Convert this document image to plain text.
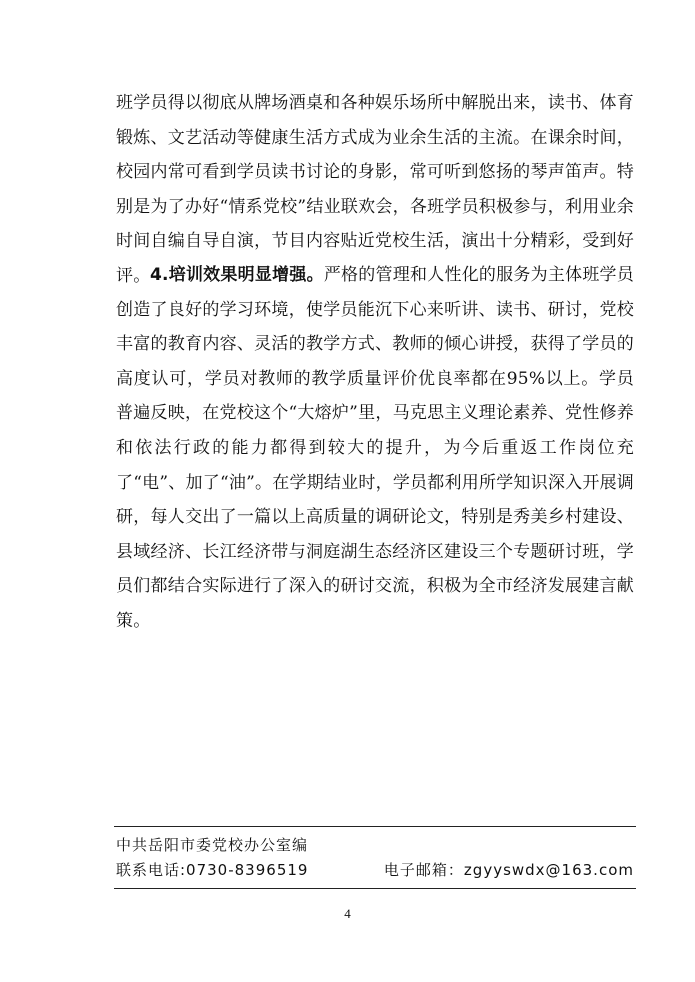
班学员得以彻底从牌场酒桌和各种娱乐场所中解脱出来，读书、体育锻炼、文艺活动等健康生活方式成为业余生活的主流。在课余时间，校园内常可看到学员读书讨论的身影，常可听到悠扬的琴声笛声。特别是为了办好“情系党校”结业联欢会，各班学员积极参与，利用业余时间自编自导自演，节目内容贴近党校生活，演出十分精彩，受到好评。 4.培训效果明显增强。严格的管理和人性化的服务为主体班学员创造了良好的学习环境，使学员能沉下心来听讲、读书、研讨，党校丰富的教育内容、灵活的教学方式、教师的倾心讲授，获得了学员的高度认可，学员对教师的教学质量评价优良率都在95%以上。学员普遍反映，在党校这个“大熔炉”里，马克思主义理论素养、党性修养和依法行政的能力都得到较大的提升，为今后重返工作岗位充了“电”、加了“油”。在学期结业时，学员都利用所学知识深入开展调研，每人交出了一篇以上高质量的调研论文，特别是秀美乡村建设、县域经济、长江经济带与洞庭湖生态经济区建设三个专题研讨班，学员们都结合实际进行了深入的研讨交流，积极为全市经济发展建言献策。

中共岳阳市委党校办公室编
联系电话:0730-8396519	电子邮箱：zgyyswdx@163.com
4
